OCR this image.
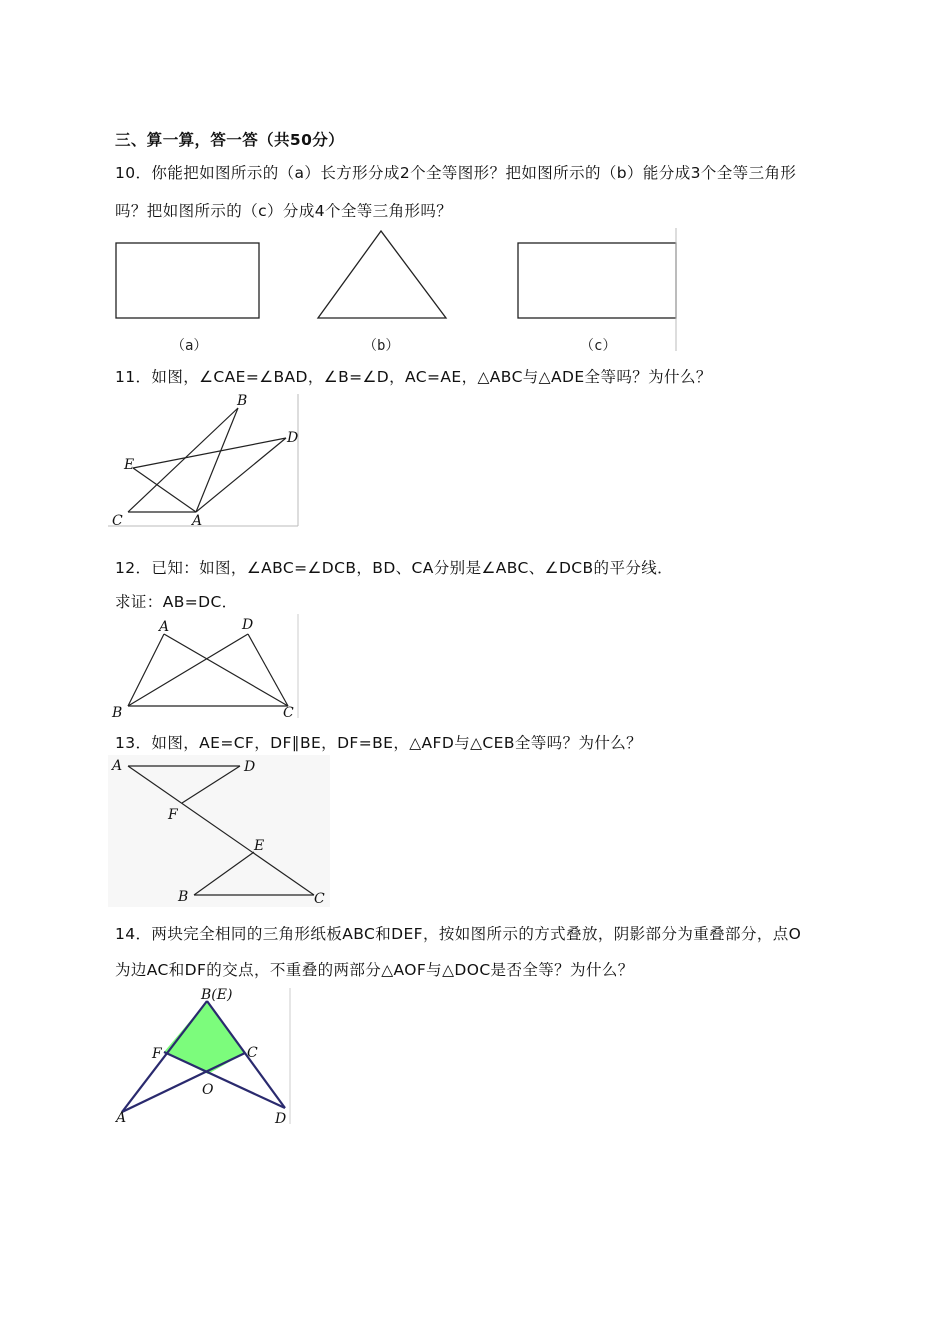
三、算一算，答一答（共50分）
10．你能把如图所示的（a）长方形分成2个全等图形？把如图所示的（b）能分成3个全等三角形
吗？把如图所示的（c）分成4个全等三角形吗？
（a）	（b）	（c）
11．如图，∠CAE=∠BAD，∠B=∠D，AC=AE，△ABC与△ADE全等吗？为什么？
B
D
E
C	A
12．已知：如图，∠ABC=∠DCB，BD、CA分别是∠ABC、∠DCB的平分线．
求证：AB=DC．
A	D
B	C
13．如图，AE=CF，DF∥BE，DF=BE，△AFD与△CEB全等吗？为什么？
A	D
F
E
B	C
14．两块完全相同的三角形纸板ABC和DEF，按如图所示的方式叠放，阴影部分为重叠部分，点O
为边AC和DF的交点，不重叠的两部分△AOF与△DOC是否全等？为什么？
B(E)
F	C
O
A	D
